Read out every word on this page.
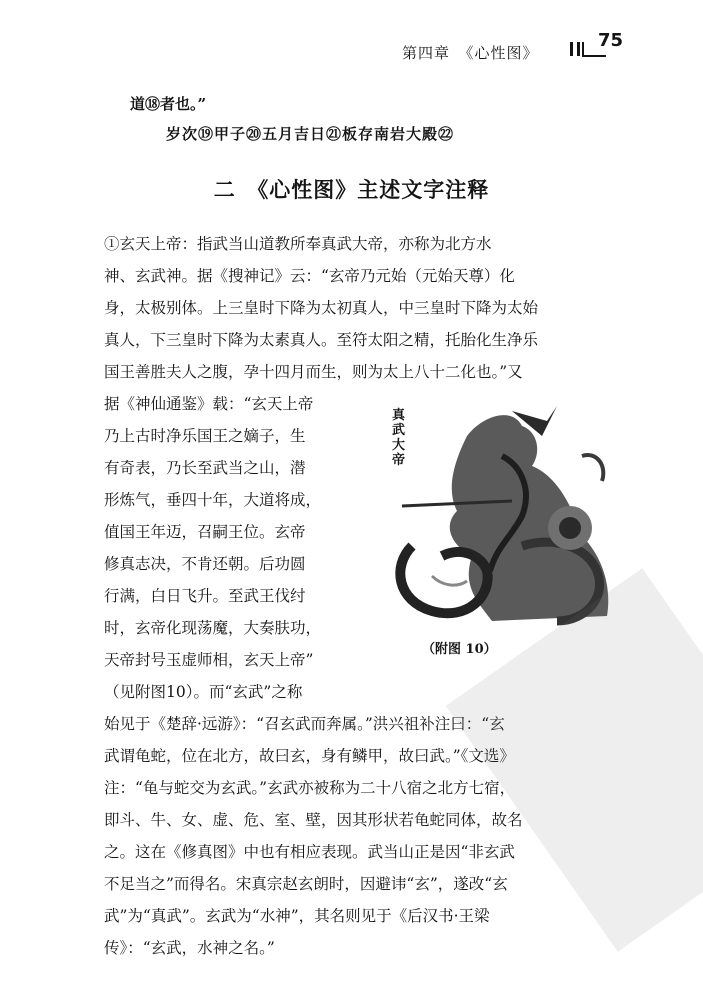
第四章　《心性图》
75
道⑱者也。”
岁次⑲甲子⑳五月吉日㉑板存南岩大殿㉒
二　《心性图》主述文字注释
①玄天上帝：指武当山道教所奉真武大帝，亦称为北方水
神、玄武神。据《搜神记》云：“玄帝乃元始（元始天尊）化
身，太极别体。上三皇时下降为太初真人，中三皇时下降为太始
真人，下三皇时下降为太素真人。至符太阳之精，托胎化生净乐
国王善胜夫人之腹，孕十四月而生，则为太上八十二化也。”又
据《神仙通鉴》载：“玄天上帝
乃上古时净乐国王之嫡子，生
有奇表，乃长至武当之山，潜
形炼气，垂四十年，大道将成，
值国王年迈，召嗣王位。玄帝
修真志决，不肯还朝。后功圆
行满，白日飞升。至武王伐纣
时，玄帝化现荡魔，大奏肤功，
天帝封号玉虚师相，玄天上帝”
（见附图10）。而“玄武”之称
真武大帝
（附图 10）
始见于《楚辞·远游》：“召玄武而奔属。”洪兴祖补注曰：“玄
武谓龟蛇，位在北方，故曰玄，身有鳞甲，故曰武。”《文选》
注：“龟与蛇交为玄武。”玄武亦被称为二十八宿之北方七宿，
即斗、牛、女、虚、危、室、壁，因其形状若龟蛇同体，故名
之。这在《修真图》中也有相应表现。武当山正是因“非玄武
不足当之”而得名。宋真宗赵玄朗时，因避讳“玄”，遂改“玄
武”为“真武”。玄武为“水神”，其名则见于《后汉书·王梁
传》：“玄武，水神之名。”
